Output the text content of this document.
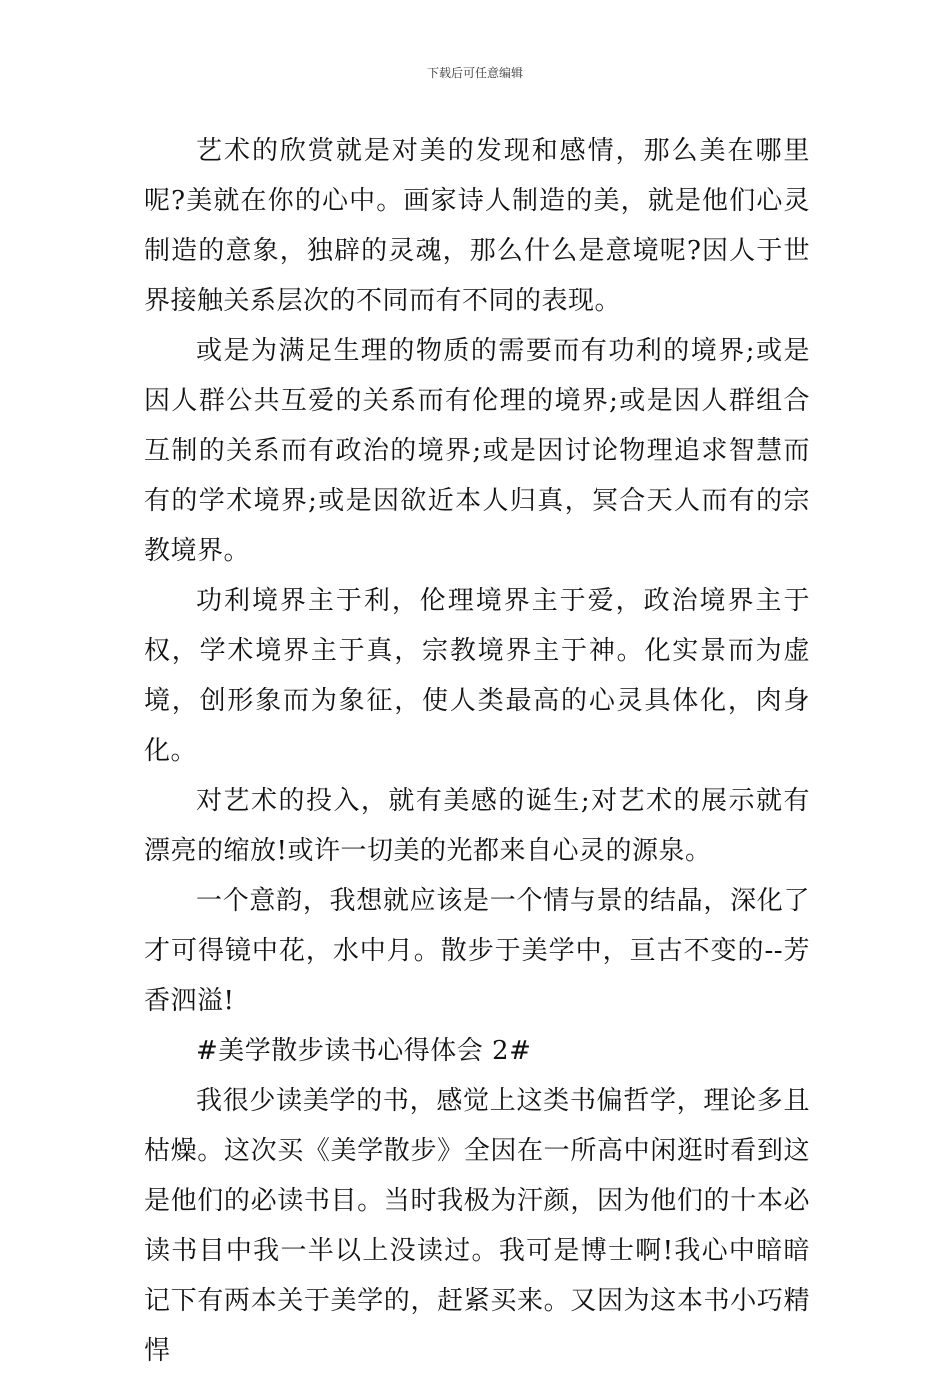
下载后可任意编辑

艺术的欣赏就是对美的发现和感情，那么美在哪里呢?美就在你的心中。画家诗人制造的美，就是他们心灵制造的意象，独辟的灵魂，那么什么是意境呢?因人于世界接触关系层次的不同而有不同的表现。

或是为满足生理的物质的需要而有功利的境界;或是因人群公共互爱的关系而有伦理的境界;或是因人群组合互制的关系而有政治的境界;或是因讨论物理追求智慧而有的学术境界;或是因欲近本人归真，冥合天人而有的宗教境界。

功利境界主于利，伦理境界主于爱，政治境界主于权，学术境界主于真，宗教境界主于神。化实景而为虚境，创形象而为象征，使人类最高的心灵具体化，肉身化。

对艺术的投入，就有美感的诞生;对艺术的展示就有漂亮的缩放!或许一切美的光都来自心灵的源泉。

一个意韵，我想就应该是一个情与景的结晶，深化了才可得镜中花，水中月。散步于美学中，亘古不变的--芳香泗溢!

#美学散步读书心得体会 2#

我很少读美学的书，感觉上这类书偏哲学，理论多且枯燥。这次买《美学散步》全因在一所高中闲逛时看到这是他们的必读书目。当时我极为汗颜，因为他们的十本必读书目中我一半以上没读过。我可是博士啊!我心中暗暗记下有两本关于美学的，赶紧买来。又因为这本书小巧精悍
